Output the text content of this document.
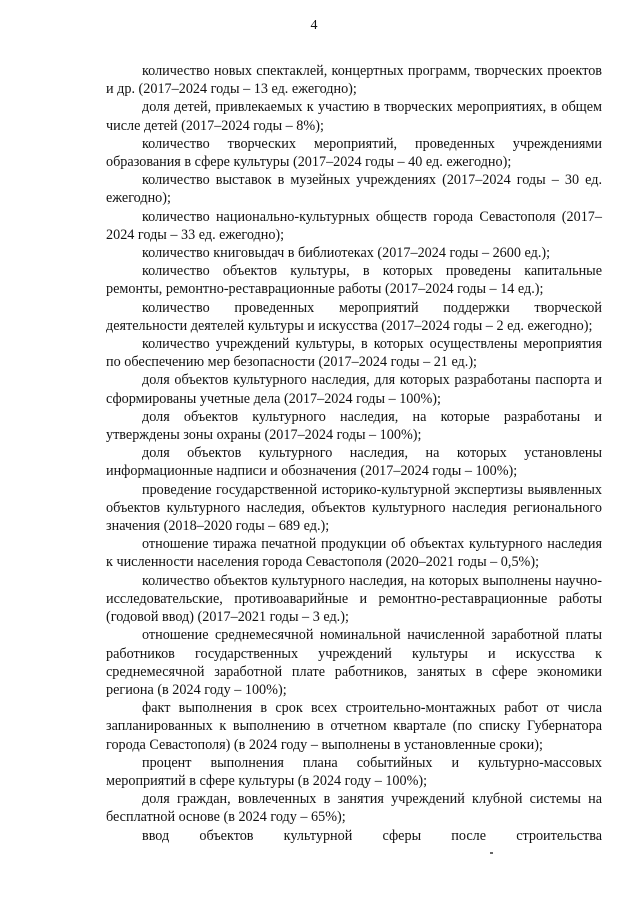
4

количество новых спектаклей, концертных программ, творческих проектов и др. (2017–2024 годы – 13 ед. ежегодно);

доля детей, привлекаемых к участию в творческих мероприятиях, в общем числе детей (2017–2024 годы – 8%);

количество творческих мероприятий, проведенных учреждениями образования в сфере культуры (2017–2024 годы – 40 ед. ежегодно);

количество выставок в музейных учреждениях (2017–2024 годы – 30 ед. ежегодно);

количество национально-культурных обществ города Севастополя (2017–2024 годы – 33 ед. ежегодно);

количество книговыдач в библиотеках (2017–2024 годы – 2600 ед.);

количество объектов культуры, в которых проведены капитальные ремонты, ремонтно-реставрационные работы (2017–2024 годы – 14 ед.);

количество проведенных мероприятий поддержки творческой деятельности деятелей культуры и искусства (2017–2024 годы – 2 ед. ежегодно);

количество учреждений культуры, в которых осуществлены мероприятия по обеспечению мер безопасности (2017–2024 годы – 21 ед.);

доля объектов культурного наследия, для которых разработаны паспорта и сформированы учетные дела (2017–2024 годы – 100%);

доля объектов культурного наследия, на которые разработаны и утверждены зоны охраны (2017–2024 годы – 100%);

доля объектов культурного наследия, на которых установлены информационные надписи и обозначения (2017–2024 годы – 100%);

проведение государственной историко-культурной экспертизы выявленных объектов культурного наследия, объектов культурного наследия регионального значения (2018–2020 годы – 689 ед.);

отношение тиража печатной продукции об объектах культурного наследия к численности населения города Севастополя (2020–2021 годы – 0,5%);

количество объектов культурного наследия, на которых выполнены научно-исследовательские, противоаварийные и ремонтно-реставрационные работы (годовой ввод) (2017–2021 годы – 3 ед.);

отношение среднемесячной номинальной начисленной заработной платы работников государственных учреждений культуры и искусства к среднемесячной заработной плате работников, занятых в сфере экономики региона (в 2024 году – 100%);

факт выполнения в срок всех строительно-монтажных работ от числа запланированных к выполнению в отчетном квартале (по списку Губернатора города Севастополя) (в 2024 году – выполнены в установленные сроки);

процент выполнения плана событийных и культурно-массовых мероприятий в сфере культуры (в 2024 году – 100%);

доля граждан, вовлеченных в занятия учреждений клубной системы на бесплатной основе (в 2024 году – 65%);

ввод объектов культурной сферы после строительства
